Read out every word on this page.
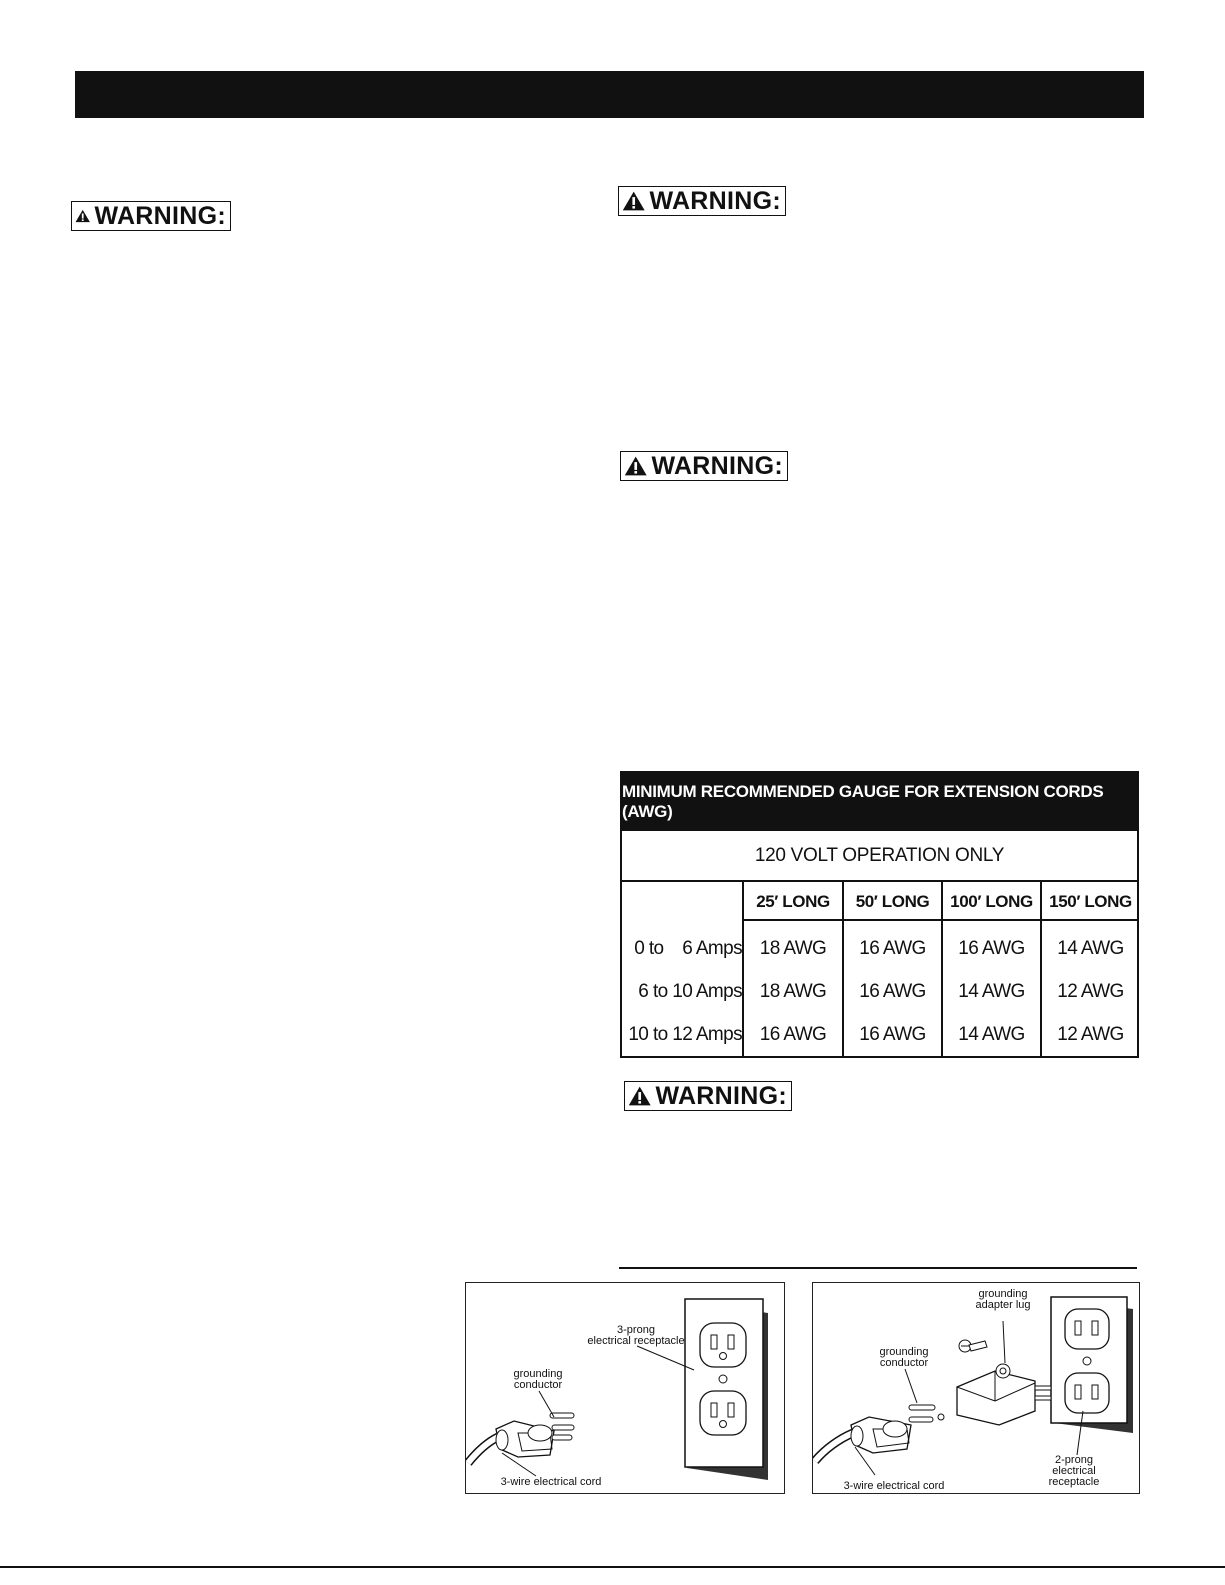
WARNING:
WARNING:
WARNING:
WARNING:
MINIMUM RECOMMENDED GAUGE FOR EXTENSION CORDS (AWG)
120 VOLT OPERATION ONLY
25′ LONG	50′ LONG	100′ LONG 150′ LONG
0 to    6 Amps 18 AWG	16 AWG	16 AWG	14 AWG
6 to 10 Amps 18 AWG	16 AWG	14 AWG	12 AWG
10 to 12 Amps 16 AWG	16 AWG	14 AWG	12 AWG
3-prong
electrical receptacle
grounding
conductor
3-wire electrical cord
grounding
adapter lug
grounding
conductor
2-prong
electrical
receptacle
3-wire electrical cord
